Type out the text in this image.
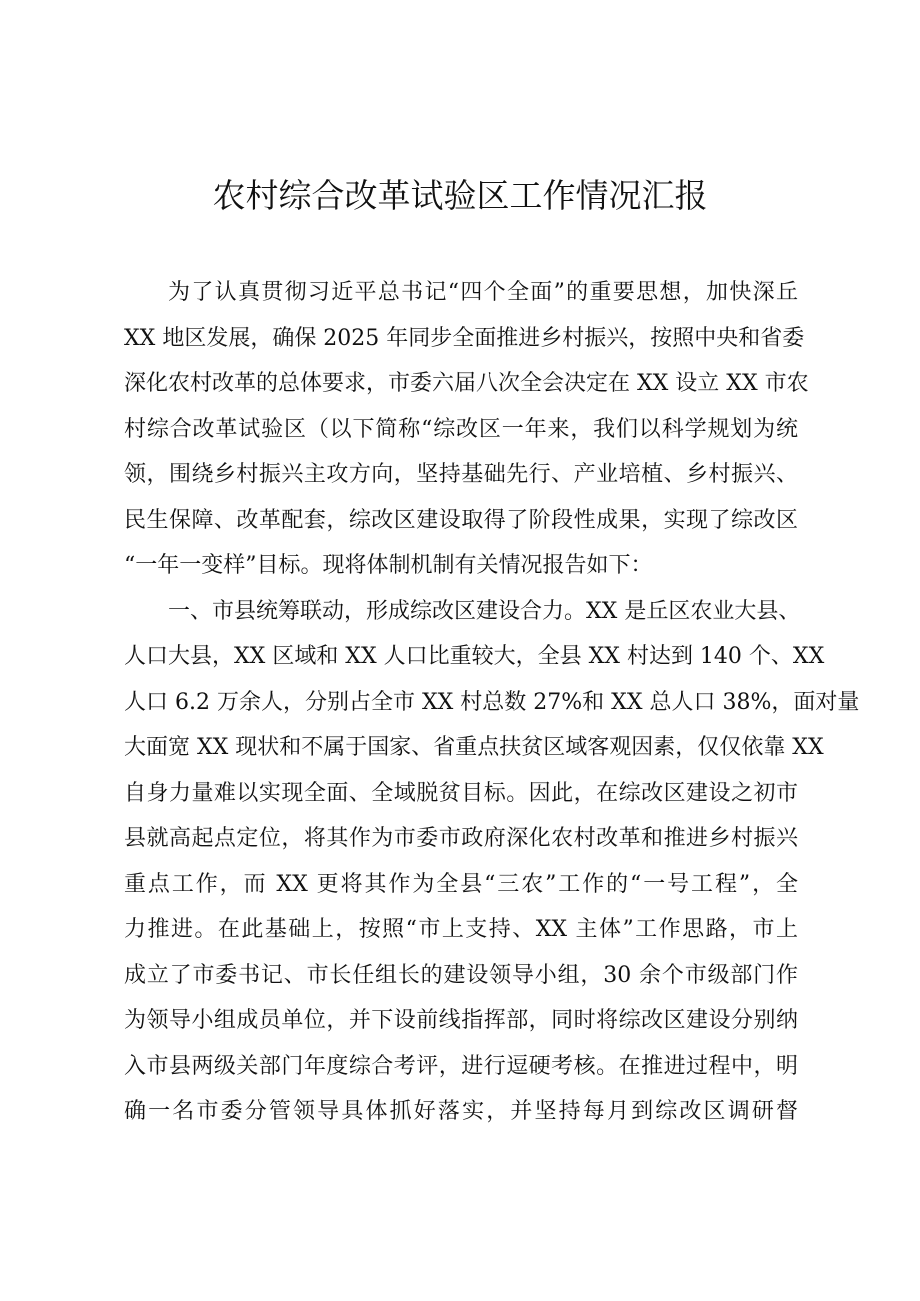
农村综合改革试验区工作情况汇报
为了认真贯彻习近平总书记“四个全面”的重要思想，加快深丘
XX 地区发展，确保 2025 年同步全面推进乡村振兴，按照中央和省委
深化农村改革的总体要求，市委六届八次全会决定在 XX 设立 XX 市农
村综合改革试验区（以下简称“综改区一年来，我们以科学规划为统
领，围绕乡村振兴主攻方向，坚持基础先行、产业培植、乡村振兴、
民生保障、改革配套，综改区建设取得了阶段性成果，实现了综改区
“一年一变样”目标。现将体制机制有关情况报告如下：
一、市县统筹联动，形成综改区建设合力。XX 是丘区农业大县、
人口大县，XX 区域和 XX 人口比重较大，全县 XX 村达到 140 个、XX
人口 6.2 万余人，分别占全市 XX 村总数 27%和 XX 总人口 38%，面对量
大面宽 XX 现状和不属于国家、省重点扶贫区域客观因素，仅仅依靠 XX
自身力量难以实现全面、全域脱贫目标。因此，在综改区建设之初市
县就高起点定位，将其作为市委市政府深化农村改革和推进乡村振兴
重点工作，而 XX 更将其作为全县“三农”工作的“一号工程”，全
力推进。在此基础上，按照“市上支持、XX 主体”工作思路，市上
成立了市委书记、市长任组长的建设领导小组，30 余个市级部门作
为领导小组成员单位，并下设前线指挥部，同时将综改区建设分别纳
入市县两级关部门年度综合考评，进行逗硬考核。在推进过程中，明
确一名市委分管领导具体抓好落实，并坚持每月到综改区调研督
